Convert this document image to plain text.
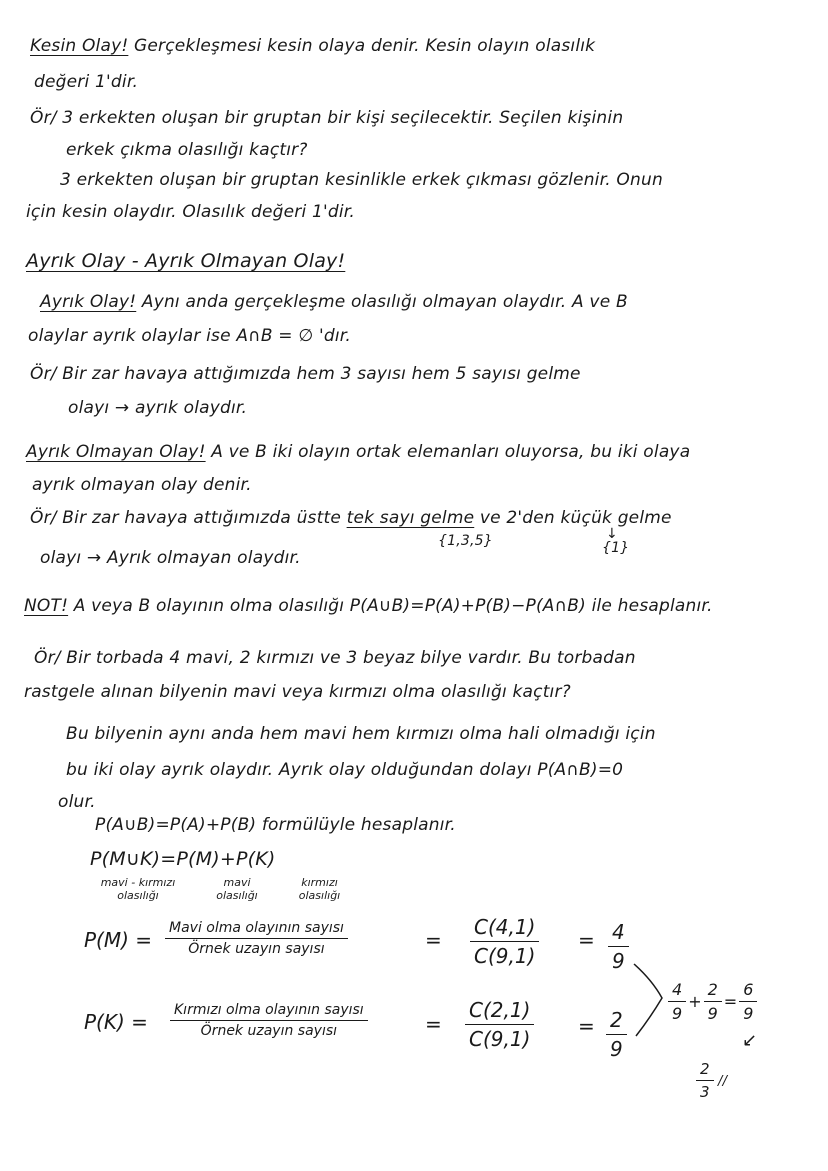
Kesin Olay! Gerçekleşmesi kesin olaya denir. Kesin olayın olasılık
değeri 1'dir.
Ör/ 3 erkekten oluşan bir gruptan bir kişi seçilecektir. Seçilen kişinin
erkek çıkma olasılığı kaçtır?
3 erkekten oluşan bir gruptan kesinlikle erkek çıkması gözlenir. Onun
için kesin olaydır. Olasılık değeri 1'dir.
Ayrık Olay - Ayrık Olmayan Olay!
Ayrık Olay! Aynı anda gerçekleşme olasılığı olmayan olaydır. A ve B
olaylar ayrık olaylar ise A∩B = ∅ 'dır.
Ör/ Bir zar havaya attığımızda hem 3 sayısı hem 5 sayısı gelme
olayı → ayrık olaydır.
Ayrık Olmayan Olay! A ve B iki olayın ortak elemanları oluyorsa, bu iki olaya
ayrık olmayan olay denir.
Ör/ Bir zar havaya attığımızda üstte tek sayı gelme ve 2'den küçük gelme
{1,3,5}	↓ {1}
olayı → Ayrık olmayan olaydır.
NOT! A veya B olayının olma olasılığı P(A∪B)=P(A)+P(B)−P(A∩B) ile hesaplanır.
Ör/ Bir torbada 4 mavi, 2 kırmızı ve 3 beyaz bilye vardır. Bu torbadan
rastgele alınan bilyenin mavi veya kırmızı olma olasılığı kaçtır?
Bu bilyenin aynı anda hem mavi hem kırmızı olma hali olmadığı için
bu iki olay ayrık olaydır. Ayrık olay olduğundan dolayı P(A∩B)=0
olur.
P(A∪B)=P(A)+P(B) formülüyle hesaplanır.
P(M∪K)=P(M)+P(K)
mavi - kırmızı olasılığı
mavi olasılığı
kırmızı olasılığı
P(M) = Mavi olma olayının sayısı
Örnek uzayın sayısı	= $\frac{C(4,1)}{C(9,1)} = \frac{4}{9}$
P(K) = Kırmızı olma olayının sayısı
Örnek uzayın sayısı	= $\frac{C(2,1)}{C(9,1)} = \frac{2}{9}$
$\frac{4}{9} + \frac{2}{9} = \frac{6}{9}$
↙
$\frac{2}{3}$ //
